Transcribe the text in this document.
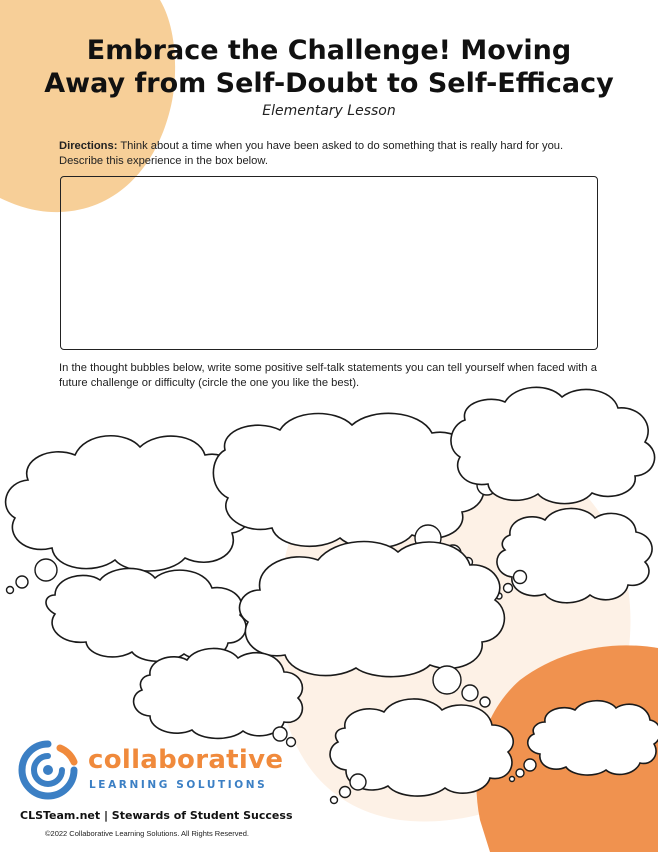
Embrace the Challenge! Moving
Away from Self-Doubt to Self-Efficacy
Elementary Lesson
Directions: Think about a time when you have been asked to do something that is really hard for you. Describe this experience in the box below.
In the thought bubbles below, write some positive self-talk statements you can tell yourself when faced with a future challenge or difficulty (circle the one you like the best).
collaborative
LEARNING SOLUTIONS
CLSTeam.net | Stewards of Student Success
©2022 Collaborative Learning Solutions. All Rights Reserved.
